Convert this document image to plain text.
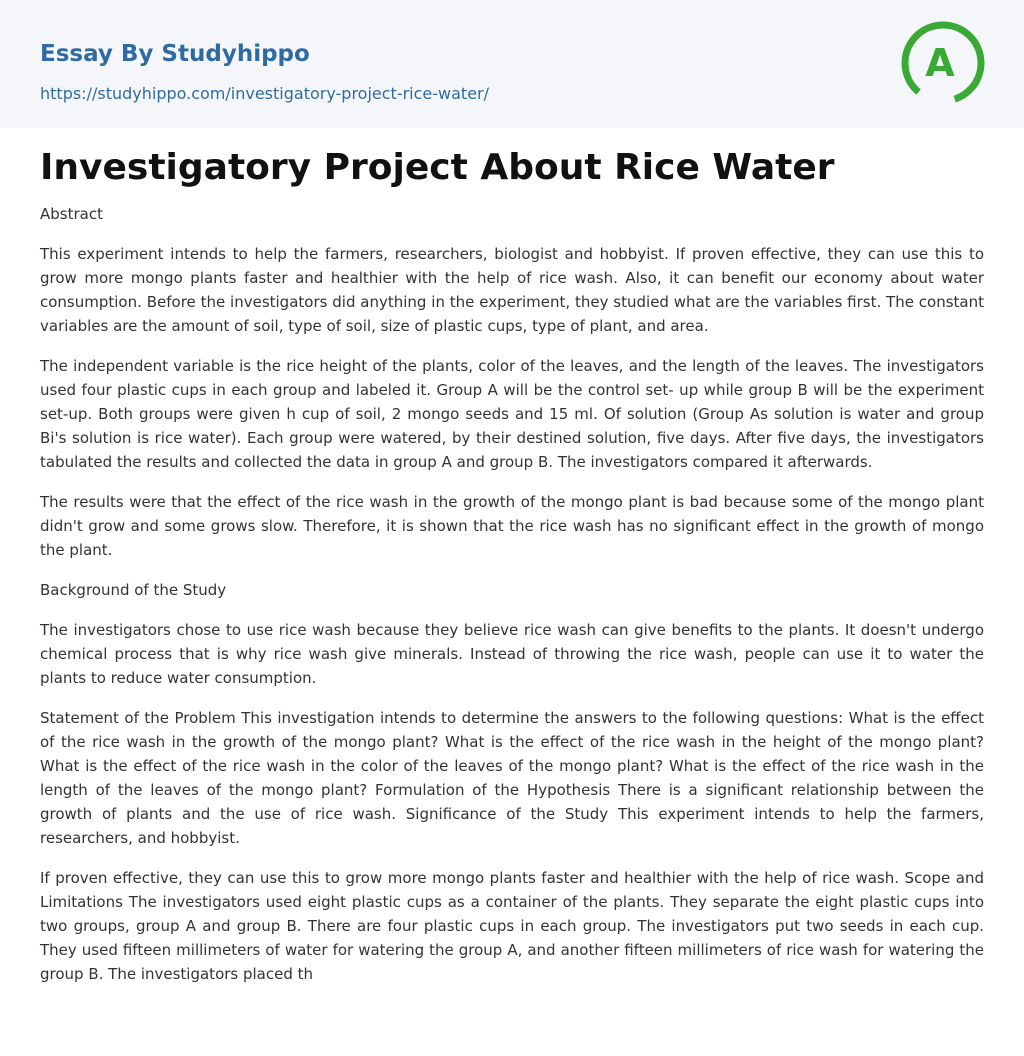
Essay By Studyhippo
https://studyhippo.com/investigatory-project-rice-water/
A
Investigatory Project About Rice Water
Abstract

This experiment intends to help the farmers, researchers, biologist and hobbyist. If proven effective, they can use this to grow more mongo plants faster and healthier with the help of rice wash. Also, it can benefit our economy about water consumption. Before the investigators did anything in the experiment, they studied what are the variables first. The constant variables are the amount of soil, type of soil, size of plastic cups, type of plant, and area.

The independent variable is the rice height of the plants, color of the leaves, and the length of the leaves. The investigators used four plastic cups in each group and labeled it. Group A will be the control set- up while group B will be the experiment set-up. Both groups were given h cup of soil, 2 mongo seeds and 15 ml. Of solution (Group As solution is water and group Bi's solution is rice water). Each group were watered, by their destined solution, five days. After five days, the investigators tabulated the results and collected the data in group A and group B. The investigators compared it afterwards.

The results were that the effect of the rice wash in the growth of the mongo plant is bad because some of the mongo plant didn't grow and some grows slow. Therefore, it is shown that the rice wash has no significant effect in the growth of mongo the plant.

Background of the Study

The investigators chose to use rice wash because they believe rice wash can give benefits to the plants. It doesn't undergo chemical process that is why rice wash give minerals. Instead of throwing the rice wash, people can use it to water the plants to reduce water consumption.

Statement of the Problem This investigation intends to determine the answers to the following questions: What is the effect of the rice wash in the growth of the mongo plant? What is the effect of the rice wash in the height of the mongo plant? What is the effect of the rice wash in the color of the leaves of the mongo plant? What is the effect of the rice wash in the length of the leaves of the mongo plant? Formulation of the Hypothesis There is a significant relationship between the growth of plants and the use of rice wash. Significance of the Study This experiment intends to help the farmers, researchers, and hobbyist.

If proven effective, they can use this to grow more mongo plants faster and healthier with the help of rice wash. Scope and Limitations The investigators used eight plastic cups as a container of the plants. They separate the eight plastic cups into two groups, group A and group B. There are four plastic cups in each group. The investigators put two seeds in each cup. They used fifteen millimeters of water for watering the group A, and another fifteen millimeters of rice wash for watering the group B. The investigators placed th
